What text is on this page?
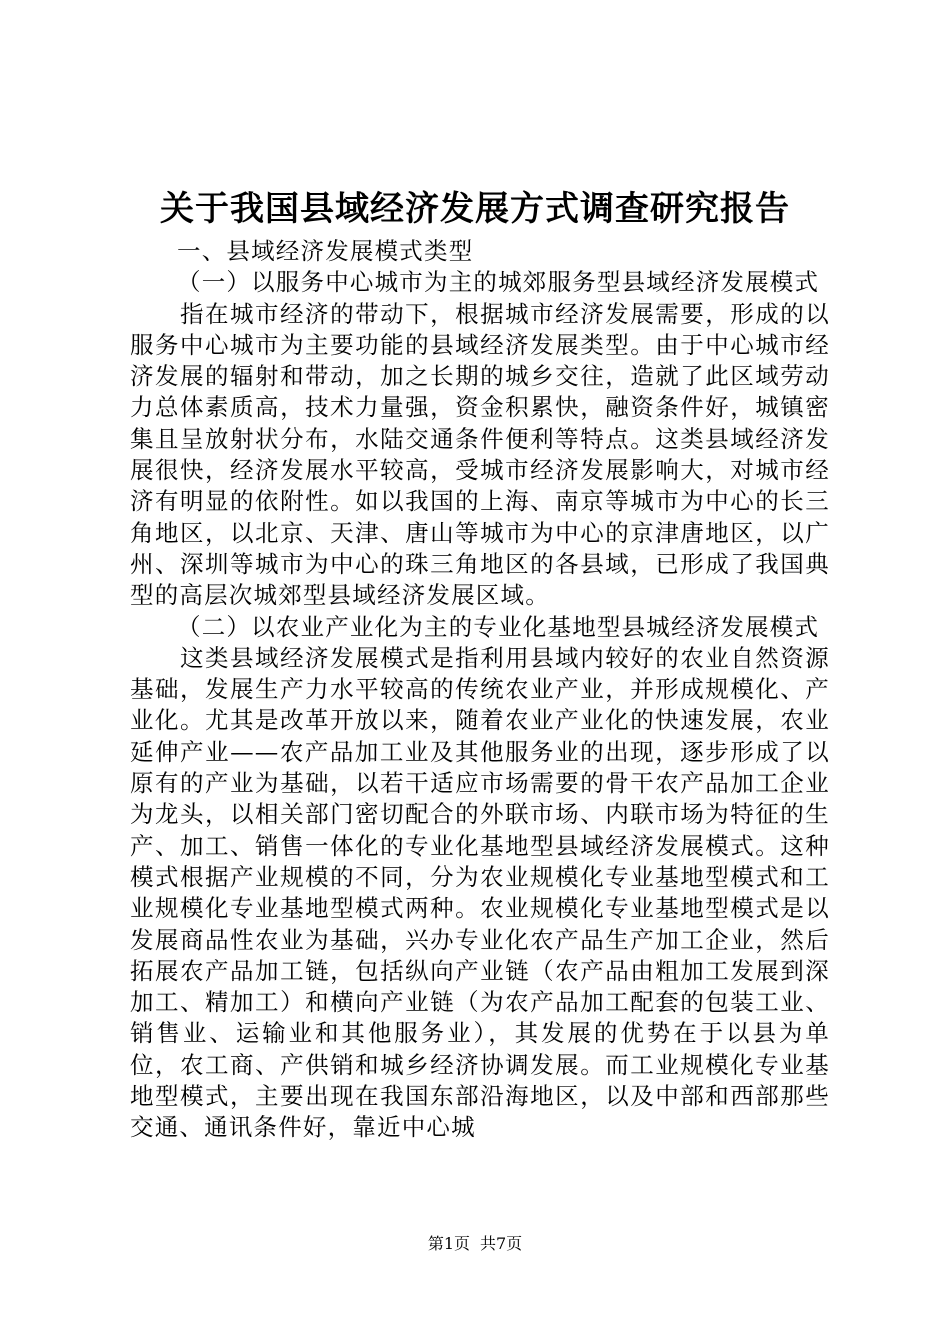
关于我国县域经济发展方式调查研究报告

一、县域经济发展模式类型

（一）以服务中心城市为主的城郊服务型县域经济发展模式

指在城市经济的带动下，根据城市经济发展需要，形成的以服务中心城市为主要功能的县域经济发展类型。由于中心城市经济发展的辐射和带动，加之长期的城乡交往，造就了此区域劳动力总体素质高，技术力量强，资金积累快，融资条件好，城镇密集且呈放射状分布，水陆交通条件便利等特点。这类县域经济发展很快，经济发展水平较高，受城市经济发展影响大，对城市经济有明显的依附性。如以我国的上海、南京等城市为中心的长三角地区，以北京、天津、唐山等城市为中心的京津唐地区，以广州、深圳等城市为中心的珠三角地区的各县域，已形成了我国典型的高层次城郊型县域经济发展区域。

（二）以农业产业化为主的专业化基地型县城经济发展模式

这类县域经济发展模式是指利用县域内较好的农业自然资源基础，发展生产力水平较高的传统农业产业，并形成规模化、产业化。尤其是改革开放以来，随着农业产业化的快速发展，农业延伸产业——农产品加工业及其他服务业的出现，逐步形成了以原有的产业为基础，以若干适应市场需要的骨干农产品加工企业为龙头，以相关部门密切配合的外联市场、内联市场为特征的生产、加工、销售一体化的专业化基地型县域经济发展模式。这种模式根据产业规模的不同，分为农业规模化专业基地型模式和工业规模化专业基地型模式两种。农业规模化专业基地型模式是以发展商品性农业为基础，兴办专业化农产品生产加工企业，然后拓展农产品加工链，包括纵向产业链（农产品由粗加工发展到深加工、精加工）和横向产业链（为农产品加工配套的包装工业、销售业、运输业和其他服务业），其发展的优势在于以县为单位，农工商、产供销和城乡经济协调发展。而工业规模化专业基地型模式，主要出现在我国东部沿海地区，以及中部和西部那些交通、通讯条件好，靠近中心城

第1页 共7页
